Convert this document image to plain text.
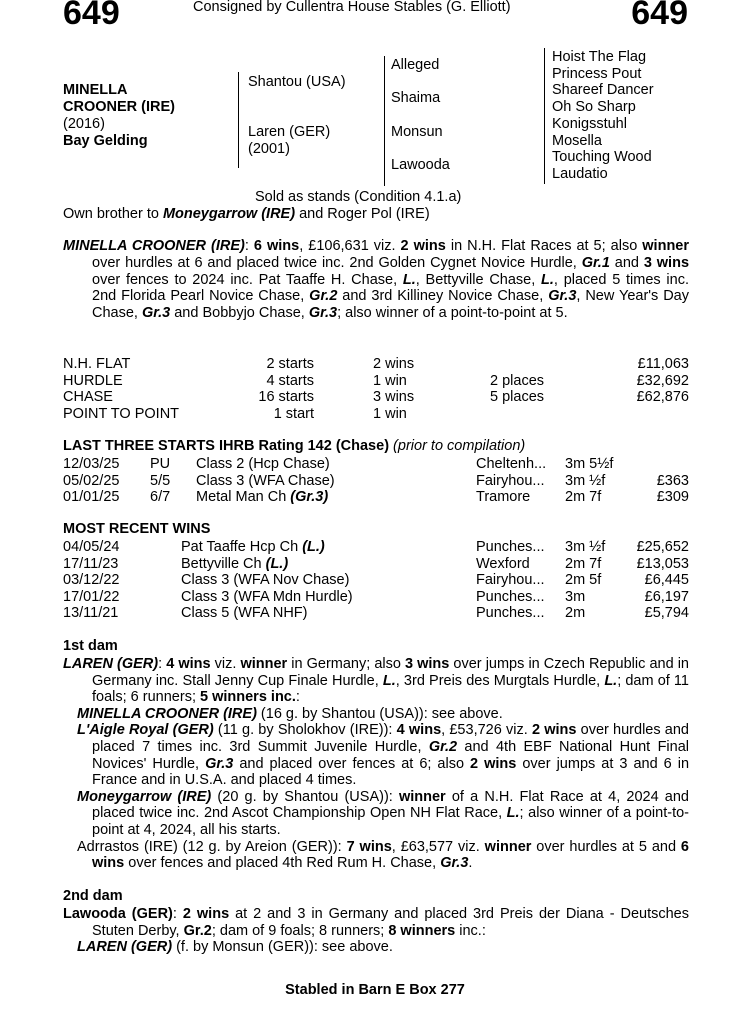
649	Consigned by Cullentra House Stables (G. Elliott)	649
MINELLA
CROONER (IRE)
(2016)
Bay Gelding
Shantou (USA)
Laren (GER)
(2001)
Alleged
Shaima
Monsun
Lawooda
Hoist The Flag
Princess Pout
Shareef Dancer
Oh So Sharp
Konigsstuhl
Mosella
Touching Wood
Laudatio
Sold as stands (Condition 4.1.a)
Own brother to Moneygarrow (IRE) and Roger Pol (IRE)
MINELLA CROONER (IRE): 6 wins, £106,631 viz. 2 wins in N.H. Flat Races at 5; also winner over hurdles at 6 and placed twice inc. 2nd Golden Cygnet Novice Hurdle, Gr.1 and 3 wins over fences to 2024 inc. Pat Taaffe H. Chase, L., Bettyville Chase, L., placed 5 times inc. 2nd Florida Pearl Novice Chase, Gr.2 and 3rd Killiney Novice Chase, Gr.3, New Year's Day Chase, Gr.3 and Bobbyjo Chase, Gr.3; also winner of a point-to-point at 5.
N.H. FLAT	2 starts	2 wins	£11,063
HURDLE	4 starts	1 win	2 places	£32,692
CHASE	16 starts	3 wins	5 places	£62,876
POINT TO POINT	1 start	1 win
LAST THREE STARTS IHRB Rating 142 (Chase) (prior to compilation)
12/03/25 PU Class 2 (Hcp Chase)	Cheltenh... 3m 5½f
05/02/25 5/5 Class 3 (WFA Chase)	Fairyhou... 3m ½f	£363
01/01/25 6/7 Metal Man Ch (Gr.3)	Tramore 2m 7f	£309
MOST RECENT WINS
04/05/24	Pat Taaffe Hcp Ch (L.)	Punches... 3m ½f £25,652
17/11/23	Bettyville Ch (L.)	Wexford 2m 7f £13,053
03/12/22	Class 3 (WFA Nov Chase)	Fairyhou... 2m 5f	£6,445
17/01/22	Class 3 (WFA Mdn Hurdle)	Punches... 3m	£6,197
13/11/21	Class 5 (WFA NHF)	Punches... 2m	£5,794
1st dam
LAREN (GER): 4 wins viz. winner in Germany; also 3 wins over jumps in Czech Republic and in Germany inc. Stall Jenny Cup Finale Hurdle, L., 3rd Preis des Murgtals Hurdle, L.; dam of 11 foals; 6 runners; 5 winners inc.:
MINELLA CROONER (IRE) (16 g. by Shantou (USA)): see above.
L'Aigle Royal (GER) (11 g. by Sholokhov (IRE)): 4 wins, £53,726 viz. 2 wins over hurdles and placed 7 times inc. 3rd Summit Juvenile Hurdle, Gr.2 and 4th EBF National Hunt Final Novices' Hurdle, Gr.3 and placed over fences at 6; also 2 wins over jumps at 3 and 6 in France and in U.S.A. and placed 4 times.
Moneygarrow (IRE) (20 g. by Shantou (USA)): winner of a N.H. Flat Race at 4, 2024 and placed twice inc. 2nd Ascot Championship Open NH Flat Race, L.; also winner of a point-to-point at 4, 2024, all his starts.
Adrrastos (IRE) (12 g. by Areion (GER)): 7 wins, £63,577 viz. winner over hurdles at 5 and 6 wins over fences and placed 4th Red Rum H. Chase, Gr.3.
2nd dam
Lawooda (GER): 2 wins at 2 and 3 in Germany and placed 3rd Preis der Diana - Deutsches Stuten Derby, Gr.2; dam of 9 foals; 8 runners; 8 winners inc.:
LAREN (GER) (f. by Monsun (GER)): see above.
Stabled in Barn E Box 277
